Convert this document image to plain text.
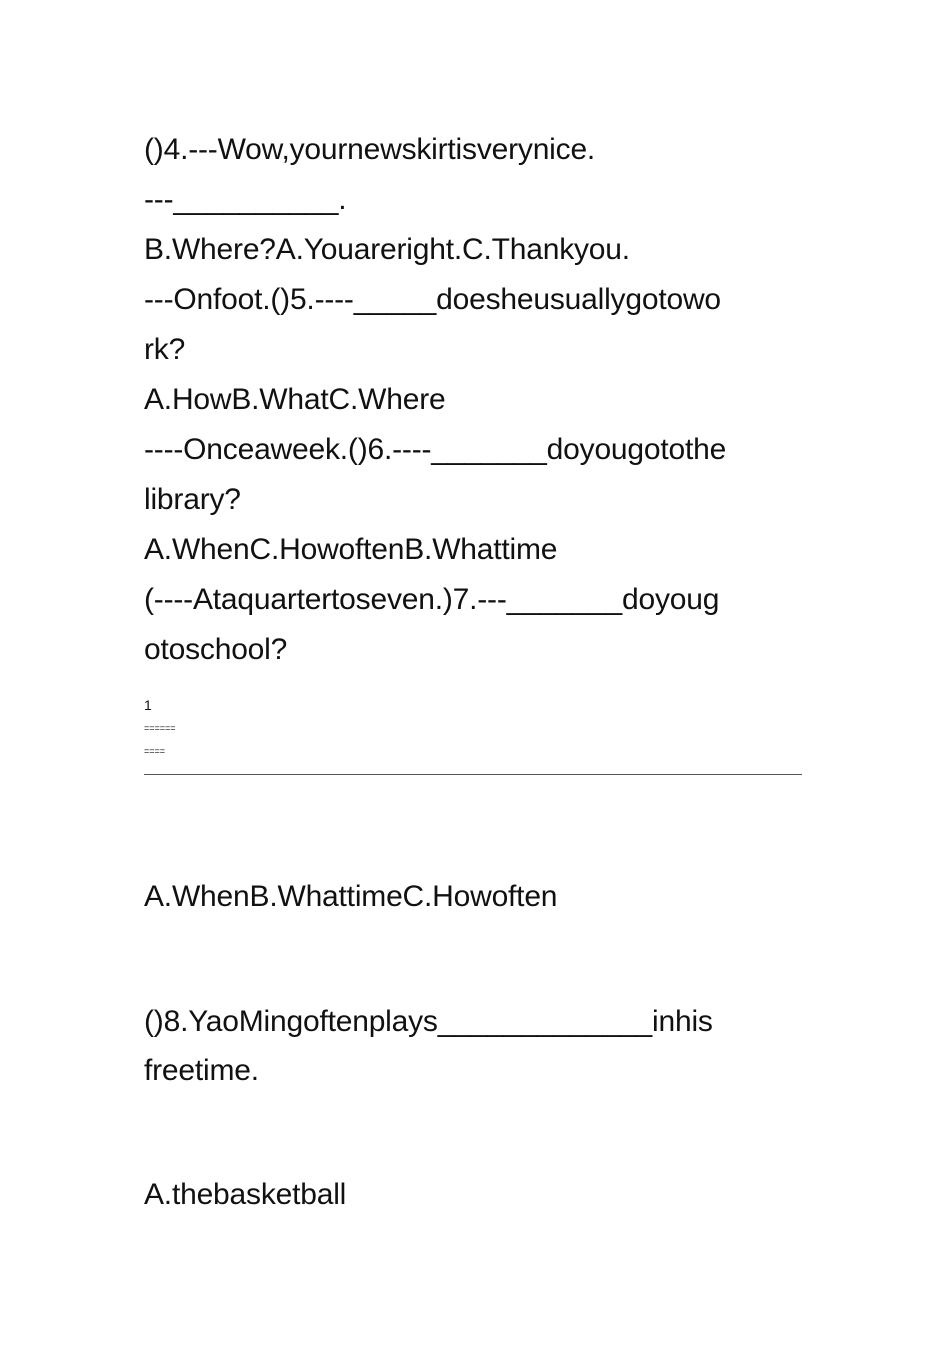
()4.---Wow,yournewskirtisverynice.
---__________.
B.Where?A.Youareright.C.Thankyou.
---Onfoot.()5.----_____doesheusuallygotowo
rk?
A.HowB.WhatC.Where
----Onceaweek.()6.----_______doyougotothe
library?
A.WhenC.HowoftenB.Whattime
(----Ataquartertoseven.)7.---_______doyoug
otoschool?
1
======
====
A.WhenB.WhattimeC.Howoften
()8.YaoMingoftenplays_____________inhis
freetime.
A.thebasketball
